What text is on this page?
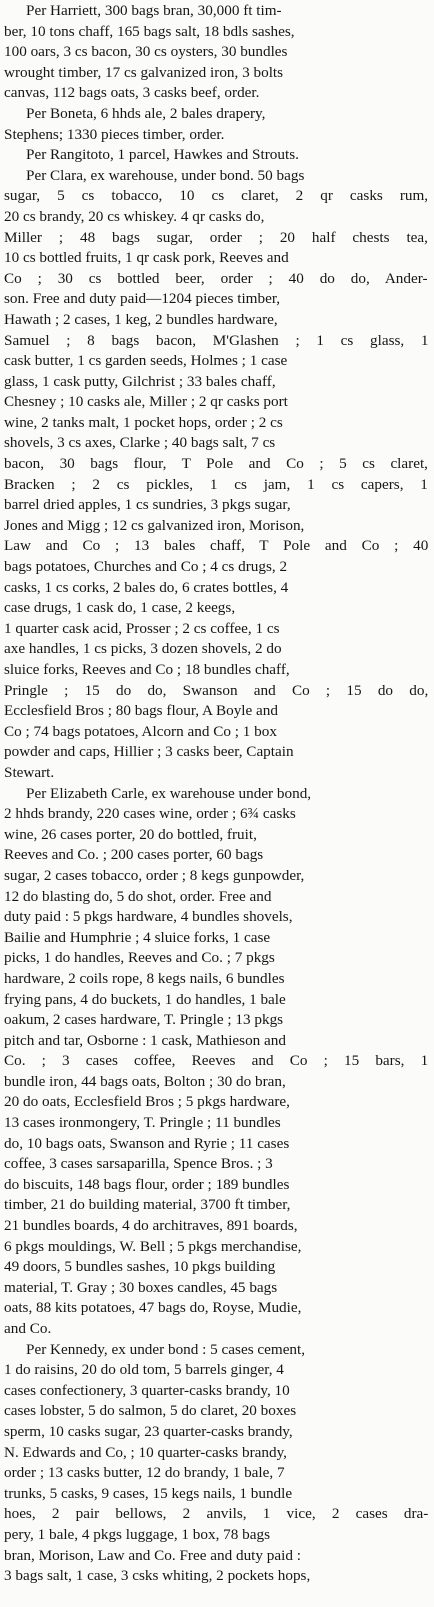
Per Harriett, 300 bags bran, 30,000 ft tim-
ber, 10 tons chaff, 165 bags salt, 18 bdls sashes,
100 oars, 3 cs bacon, 30 cs oysters, 30 bundles
wrought timber, 17 cs galvanized iron, 3 bolts
canvas, 112 bags oats, 3 casks beef, order.
Per Boneta, 6 hhds ale, 2 bales drapery,
Stephens; 1330 pieces timber, order.
Per Rangitoto, 1 parcel, Hawkes and Strouts.
Per Clara, ex warehouse, under bond. 50 bags
sugar, 5 cs tobacco, 10 cs claret, 2 qr casks rum,
20 cs brandy, 20 cs whiskey. 4 qr casks do,
Miller ; 48 bags sugar, order ; 20 half chests tea,
10 cs bottled fruits, 1 qr cask pork, Reeves and
Co ; 30 cs bottled beer, order ; 40 do do, Ander-
son. Free and duty paid—1204 pieces timber,
Hawath ; 2 cases, 1 keg, 2 bundles hardware,
Samuel ; 8 bags bacon, M'Glashen ; 1 cs glass, 1
cask butter, 1 cs garden seeds, Holmes ; 1 case
glass, 1 cask putty, Gilchrist ; 33 bales chaff,
Chesney ; 10 casks ale, Miller ; 2 qr casks port
wine, 2 tanks malt, 1 pocket hops, order ; 2 cs
shovels, 3 cs axes, Clarke ; 40 bags salt, 7 cs
bacon, 30 bags flour, T Pole and Co ; 5 cs claret,
Bracken ; 2 cs pickles, 1 cs jam, 1 cs capers, 1
barrel dried apples, 1 cs sundries, 3 pkgs sugar,
Jones and Migg ; 12 cs galvanized iron, Morison,
Law and Co ; 13 bales chaff, T Pole and Co ; 40
bags potatoes, Churches and Co ; 4 cs drugs, 2
casks, 1 cs corks, 2 bales do, 6 crates bottles, 4
case drugs, 1 cask do, 1 case, 2 keegs,
1 quarter cask acid, Prosser ; 2 cs coffee, 1 cs
axe handles, 1 cs picks, 3 dozen shovels, 2 do
sluice forks, Reeves and Co ; 18 bundles chaff,
Pringle ; 15 do do, Swanson and Co ; 15 do do,
Ecclesfield Bros ; 80 bags flour, A Boyle and
Co ; 74 bags potatoes, Alcorn and Co ; 1 box
powder and caps, Hillier ; 3 casks beer, Captain
Stewart.
Per Elizabeth Carle, ex warehouse under bond,
2 hhds brandy, 220 cases wine, order ; 6¾ casks
wine, 26 cases porter, 20 do bottled, fruit,
Reeves and Co. ; 200 cases porter, 60 bags
sugar, 2 cases tobacco, order ; 8 kegs gunpowder,
12 do blasting do, 5 do shot, order. Free and
duty paid : 5 pkgs hardware, 4 bundles shovels,
Bailie and Humphrie ; 4 sluice forks, 1 case
picks, 1 do handles, Reeves and Co. ; 7 pkgs
hardware, 2 coils rope, 8 kegs nails, 6 bundles
frying pans, 4 do buckets, 1 do handles, 1 bale
oakum, 2 cases hardware, T. Pringle ; 13 pkgs
pitch and tar, Osborne : 1 cask, Mathieson and
Co. ; 3 cases coffee, Reeves and Co ; 15 bars, 1
bundle iron, 44 bags oats, Bolton ; 30 do bran,
20 do oats, Ecclesfield Bros ; 5 pkgs hardware,
13 cases ironmongery, T. Pringle ; 11 bundles
do, 10 bags oats, Swanson and Ryrie ; 11 cases
coffee, 3 cases sarsaparilla, Spence Bros. ; 3
do biscuits, 148 bags flour, order ; 189 bundles
timber, 21 do building material, 3700 ft timber,
21 bundles boards, 4 do architraves, 891 boards,
6 pkgs mouldings, W. Bell ; 5 pkgs merchandise,
49 doors, 5 bundles sashes, 10 pkgs building
material, T. Gray ; 30 boxes candles, 45 bags
oats, 88 kits potatoes, 47 bags do, Royse, Mudie,
and Co.
Per Kennedy, ex under bond : 5 cases cement,
1 do raisins, 20 do old tom, 5 barrels ginger, 4
cases confectionery, 3 quarter-casks brandy, 10
cases lobster, 5 do salmon, 5 do claret, 20 boxes
sperm, 10 casks sugar, 23 quarter-casks brandy,
N. Edwards and Co, ; 10 quarter-casks brandy,
order ; 13 casks butter, 12 do brandy, 1 bale, 7
trunks, 5 casks, 9 cases, 15 kegs nails, 1 bundle
hoes, 2 pair bellows, 2 anvils, 1 vice, 2 cases dra-
pery, 1 bale, 4 pkgs luggage, 1 box, 78 bags
bran, Morison, Law and Co. Free and duty paid :
3 bags salt, 1 case, 3 csks whiting, 2 pockets hops,
